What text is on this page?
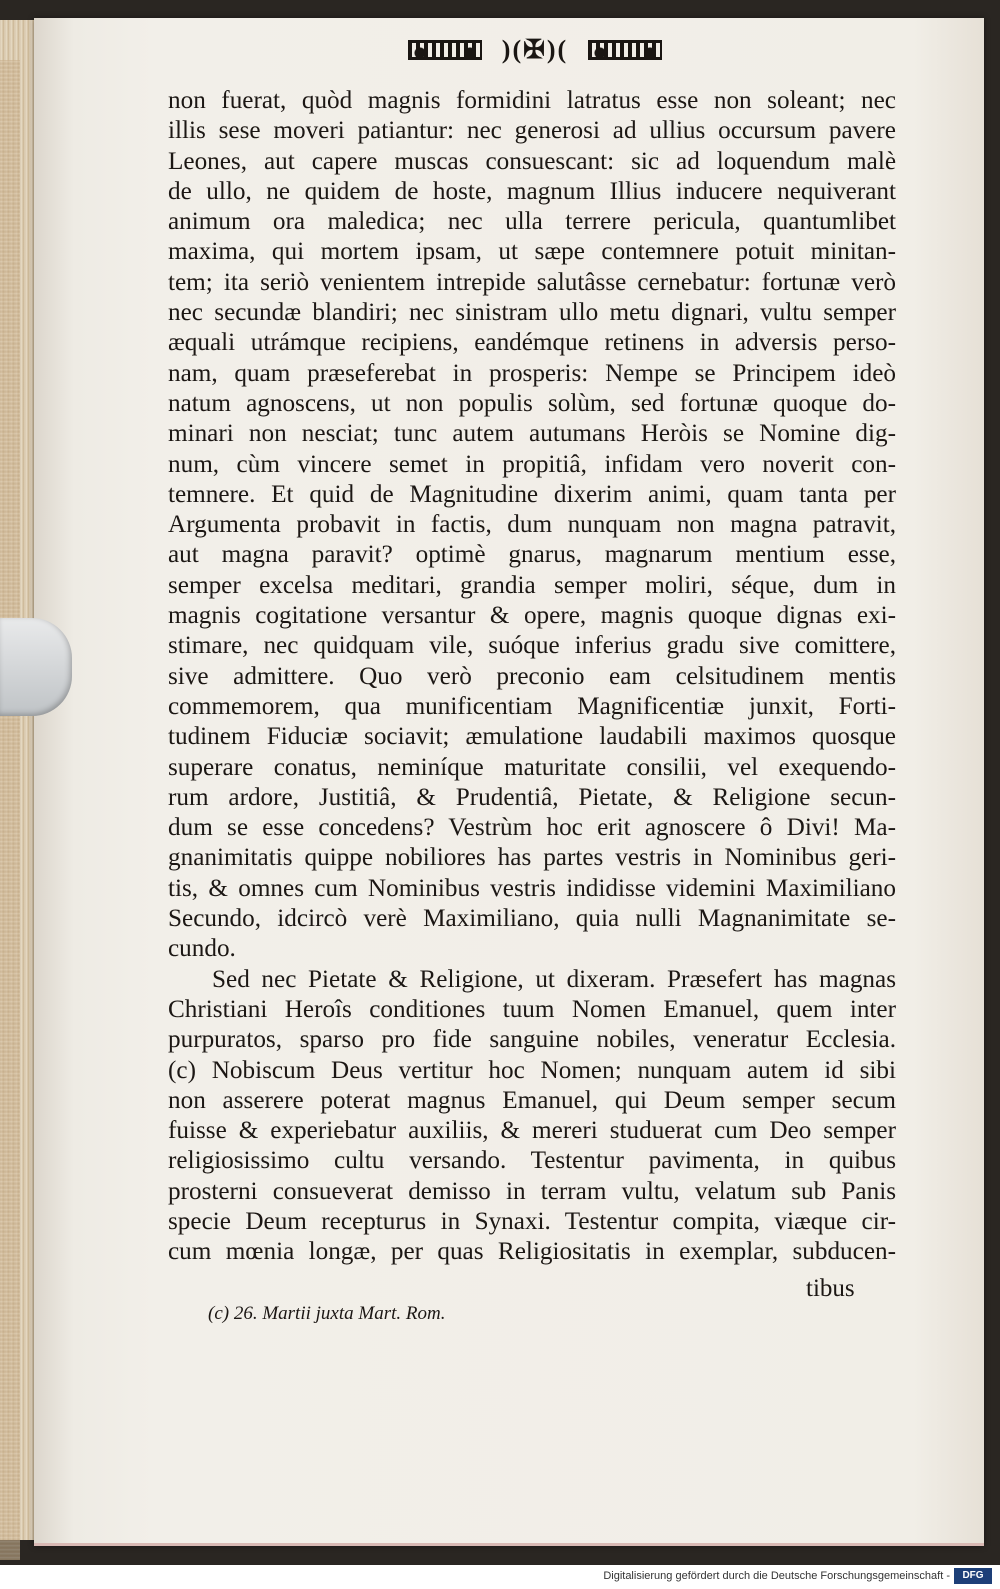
)(✠)(
non fuerat, quòd magnis formidini latratus esse non soleant; nec
illis sese moveri patiantur: nec generosi ad ullius occursum pavere
Leones, aut capere muscas consuescant: sic ad loquendum malè
de ullo, ne quidem de hoste, magnum Illius inducere nequiverant
animum ora maledica; nec ulla terrere pericula, quantumlibet
maxima, qui mortem ipsam, ut sæpe contemnere potuit minitan-
tem; ita seriò venientem intrepide salutâsse cernebatur: fortunæ verò
nec secundæ blandiri; nec sinistram ullo metu dignari, vultu semper
æquali utrámque recipiens, eandémque retinens in adversis perso-
nam, quam præseferebat in prosperis: Nempe se Principem ideò
natum agnoscens, ut non populis solùm, sed fortunæ quoque do-
minari non nesciat; tunc autem autumans Heròis se Nomine dig-
num, cùm vincere semet in propitiâ, infidam vero noverit con-
temnere. Et quid de Magnitudine dixerim animi, quam tanta per
Argumenta probavit in factis, dum nunquam non magna patravit,
aut magna paravit? optimè gnarus, magnarum mentium esse,
semper excelsa meditari, grandia semper moliri, séque, dum in
magnis cogitatione versantur & opere, magnis quoque dignas exi-
stimare, nec quidquam vile, suóque inferius gradu sive comittere,
sive admittere. Quo verò preconio eam celsitudinem mentis
commemorem, qua munificentiam Magnificentiæ junxit, Forti-
tudinem Fiduciæ sociavit; æmulatione laudabili maximos quosque
superare conatus, neminíque maturitate consilii, vel exequendo-
rum ardore, Justitiâ, & Prudentiâ, Pietate, & Religione secun-
dum se esse concedens? Vestrùm hoc erit agnoscere ô Divi! Ma-
gnanimitatis quippe nobiliores has partes vestris in Nominibus geri-
tis, & omnes cum Nominibus vestris indidisse videmini Maximiliano
Secundo, idcircò verè Maximiliano, quia nulli Magnanimitate se-
cundo.
Sed nec Pietate & Religione, ut dixeram. Præsefert has magnas
Christiani Heroîs conditiones tuum Nomen Emanuel, quem inter
purpuratos, sparso pro fide sanguine nobiles, veneratur Ecclesia.
(c) Nobiscum Deus vertitur hoc Nomen; nunquam autem id sibi
non asserere poterat magnus Emanuel, qui Deum semper secum
fuisse & experiebatur auxiliis, & mereri studuerat cum Deo semper
religiosissimo cultu versando. Testentur pavimenta, in quibus
prosterni consueverat demisso in terram vultu, velatum sub Panis
specie Deum recepturus in Synaxi. Testentur compita, viæque cir-
cum mœnia longæ, per quas Religiositatis in exemplar, subducen-
tibus
(c) 26. Martii juxta Mart. Rom.
Digitalisierung gefördert durch die Deutsche Forschungsgemeinschaft -	DFG
